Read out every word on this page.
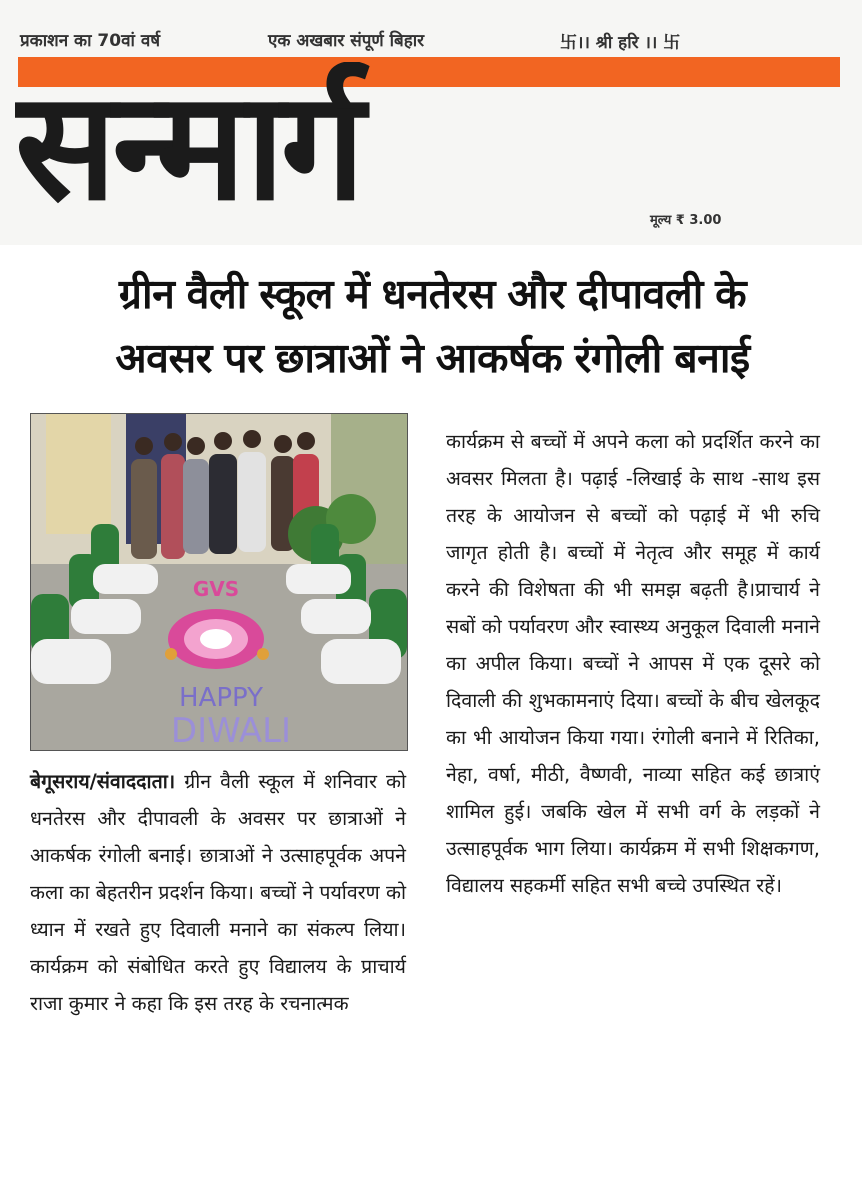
प्रकाशन का 70वां वर्ष	एक अखबार संपूर्ण बिहार	卐।। श्री हरि ।। 卐
सन्मार्ग	मूल्य ₹ 3.00
ग्रीन वैली स्कूल में धनतेरस और दीपावली के
अवसर पर छात्राओं ने आकर्षक रंगोली बनाई
GVS
HAPPY
DIWALI
बेगूसराय/संवाददाता। ग्रीन वैली स्कूल में शनिवार को धनतेरस और दीपावली के अवसर पर छात्राओं ने आकर्षक रंगोली बनाई। छात्राओं ने उत्साहपूर्वक अपने कला का बेहतरीन प्रदर्शन किया। बच्चों ने पर्यावरण को ध्यान में रखते हुए दिवाली मनाने का संकल्प लिया। कार्यक्रम को संबोधित करते हुए विद्यालय के प्राचार्य राजा कुमार ने कहा कि इस तरह के रचनात्मक
कार्यक्रम से बच्चों में अपने कला को प्रदर्शित करने का अवसर मिलता है। पढ़ाई -लिखाई के साथ -साथ इस तरह के आयोजन से बच्चों को पढ़ाई में भी रुचि जागृत होती है। बच्चों में नेतृत्व और समूह में कार्य करने की विशेषता की भी समझ बढ़ती है।प्राचार्य ने सबों को पर्यावरण और स्वास्थ्य अनुकूल दिवाली मनाने का अपील किया। बच्चों ने आपस में एक दूसरे को दिवाली की शुभकामनाएं दिया। बच्चों के बीच खेलकूद का भी आयोजन किया गया। रंगोली बनाने में रितिका, नेहा, वर्षा, मीठी, वैष्णवी, नाव्या सहित कई छात्राएं शामिल हुई। जबकि खेल में सभी वर्ग के लड़कों ने उत्साहपूर्वक भाग लिया। कार्यक्रम में सभी शिक्षकगण, विद्यालय सहकर्मी सहित सभी बच्चे उपस्थित रहें।
